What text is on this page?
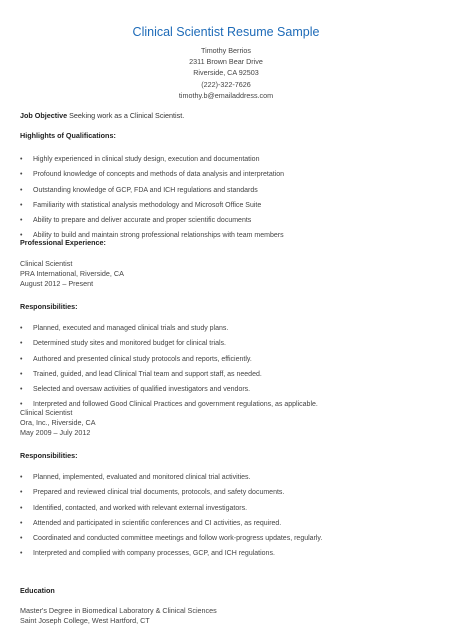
Clinical Scientist Resume Sample
Timothy Berrios
2311 Brown Bear Drive
Riverside, CA 92503
(222)-322-7626
timothy.b@emailaddress.com
Job Objective Seeking work as a Clinical Scientist.
Highlights of Qualifications:
• Highly experienced in clinical study design, execution and documentation
• Profound knowledge of concepts and methods of data analysis and interpretation
• Outstanding knowledge of GCP, FDA and ICH regulations and standards
• Familiarity with statistical analysis methodology and Microsoft Office Suite
• Ability to prepare and deliver accurate and proper scientific documents
• Ability to build and maintain strong professional relationships with team members
Professional Experience:
Clinical Scientist
PRA International, Riverside, CA
August 2012 – Present
Responsibilities:
• Planned, executed and managed clinical trials and study plans.
• Determined study sites and monitored budget for clinical trials.
• Authored and presented clinical study protocols and reports, efficiently.
• Trained, guided, and lead Clinical Trial team and support staff, as needed.
• Selected and oversaw activities of qualified investigators and vendors.
• Interpreted and followed Good Clinical Practices and government regulations, as applicable.
Clinical Scientist
Ora, Inc., Riverside, CA
May 2009 – July 2012
Responsibilities:
• Planned, implemented, evaluated and monitored clinical trial activities.
• Prepared and reviewed clinical trial documents, protocols, and safety documents.
• Identified, contacted, and worked with relevant external investigators.
• Attended and participated in scientific conferences and CI activities, as required.
• Coordinated and conducted committee meetings and follow work-progress updates, regularly.
• Interpreted and complied with company processes, GCP, and ICH regulations.
Education
Master's Degree in Biomedical Laboratory & Clinical Sciences
Saint Joseph College, West Hartford, CT
